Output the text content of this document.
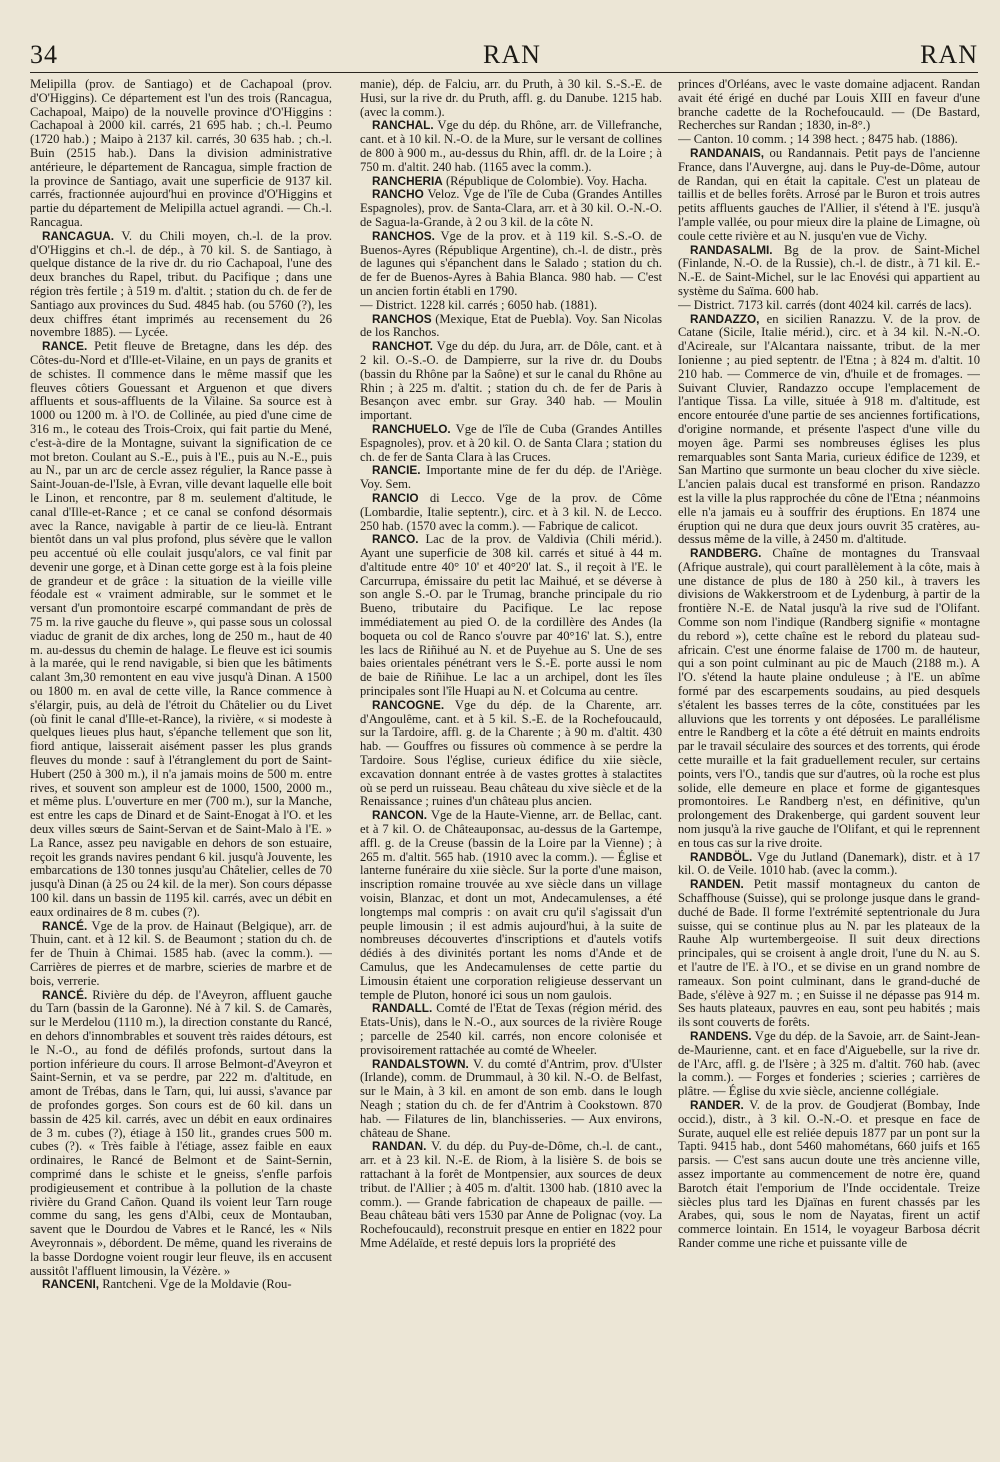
34	RAN	RAN

Melipilla (prov. de Santiago) et de Cachapoal (prov. d'O'Higgins). Ce département est l'un des trois (Rancagua, Cachapoal, Maipo) de la nouvelle province d'O'Higgins : Cachapoal à 2000 kil. carrés, 21 695 hab. ; ch.-l. Peumo (1720 hab.) ; Maipo à 2137 kil. carrés, 30 635 hab. ; ch.-l. Buin (2515 hab.). Dans la division administrative antérieure, le département de Rancagua, simple fraction de la province de Santiago, avait une superficie de 9137 kil. carrés, fractionnée aujourd'hui en province d'O'Higgins et partie du département de Melipilla actuel agrandi. — Ch.-l. Rancagua.

RANCAGUA. V. du Chili moyen, ch.-l. de la prov. d'O'Higgins et ch.-l. de dép., à 70 kil. S. de Santiago, à quelque distance de la rive dr. du rio Cachapoal, l'une des deux branches du Rapel, tribut. du Pacifique ; dans une région très fertile ; à 519 m. d'altit. ; station du ch. de fer de Santiago aux provinces du Sud. 4845 hab. (ou 5760 (?), les deux chiffres étant imprimés au recensement du 26 novembre 1885). — Lycée.

RANCE. Petit fleuve de Bretagne, dans les dép. des Côtes-du-Nord et d'Ille-et-Vilaine, en un pays de granits et de schistes. Il commence dans le même massif que les fleuves côtiers Gouessant et Arguenon et que divers affluents et sous-affluents de la Vilaine. Sa source est à 1000 ou 1200 m. à l'O. de Collinée, au pied d'une cime de 316 m., le coteau des Trois-Croix, qui fait partie du Mené, c'est-à-dire de la Montagne, suivant la signification de ce mot breton. Coulant au S.-E., puis à l'E., puis au N.-E., puis au N., par un arc de cercle assez régulier, la Rance passe à Saint-Jouan-de-l'Isle, à Evran, ville devant laquelle elle boit le Linon, et rencontre, par 8 m. seulement d'altitude, le canal d'Ille-et-Rance ; et ce canal se confond désormais avec la Rance, navigable à partir de ce lieu-là. Entrant bientôt dans un val plus profond, plus sévère que le vallon peu accentué où elle coulait jusqu'alors, ce val finit par devenir une gorge, et à Dinan cette gorge est à la fois pleine de grandeur et de grâce : la situation de la vieille ville féodale est « vraiment admirable, sur le sommet et le versant d'un promontoire escarpé commandant de près de 75 m. la rive gauche du fleuve », qui passe sous un colossal viaduc de granit de dix arches, long de 250 m., haut de 40 m. au-dessus du chemin de halage. Le fleuve est ici soumis à la marée, qui le rend navigable, si bien que les bâtiments calant 3m,30 remontent en eau vive jusqu'à Dinan. A 1500 ou 1800 m. en aval de cette ville, la Rance commence à s'élargir, puis, au delà de l'étroit du Châtelier ou du Livet (où finit le canal d'Ille-et-Rance), la rivière, « si modeste à quelques lieues plus haut, s'épanche tellement que son lit, fiord antique, laisserait aisément passer les plus grands fleuves du monde : sauf à l'étranglement du port de Saint-Hubert (250 à 300 m.), il n'a jamais moins de 500 m. entre rives, et souvent son ampleur est de 1000, 1500, 2000 m., et même plus. L'ouverture en mer (700 m.), sur la Manche, est entre les caps de Dinard et de Saint-Enogat à l'O. et les deux villes sœurs de Saint-Servan et de Saint-Malo à l'E. » La Rance, assez peu navigable en dehors de son estuaire, reçoit les grands navires pendant 6 kil. jusqu'à Jouvente, les embarcations de 130 tonnes jusqu'au Châtelier, celles de 70 jusqu'à Dinan (à 25 ou 24 kil. de la mer). Son cours dépasse 100 kil. dans un bassin de 1195 kil. carrés, avec un débit en eaux ordinaires de 8 m. cubes (?).

RANCÉ. Vge de la prov. de Hainaut (Belgique), arr. de Thuin, cant. et à 12 kil. S. de Beaumont ; station du ch. de fer de Thuin à Chimai. 1585 hab. (avec la comm.). — Carrières de pierres et de marbre, scieries de marbre et de bois, verrerie.

RANCÉ. Rivière du dép. de l'Aveyron, affluent gauche du Tarn (bassin de la Garonne). Né à 7 kil. S. de Camarès, sur le Merdelou (1110 m.), la direction constante du Rancé, en dehors d'innombrables et souvent très raides détours, est le N.-O., au fond de défilés profonds, surtout dans la portion inférieure du cours. Il arrose Belmont-d'Aveyron et Saint-Sernin, et va se perdre, par 222 m. d'altitude, en amont de Trébas, dans le Tarn, qui, lui aussi, s'avance par de profondes gorges. Son cours est de 60 kil. dans un bassin de 425 kil. carrés, avec un débit en eaux ordinaires de 3 m. cubes (?), étiage à 150 lit., grandes crues 500 m. cubes (?). « Très faible à l'étiage, assez faible en eaux ordinaires, le Rancé de Belmont et de Saint-Sernin, comprimé dans le schiste et le gneiss, s'enfle parfois prodigieusement et contribue à la pollution de la chaste rivière du Grand Cañon. Quand ils voient leur Tarn rouge comme du sang, les gens d'Albi, ceux de Montauban, savent que le Dourdou de Vabres et le Rancé, les « Nils Aveyronnais », débordent. De même, quand les riverains de la basse Dordogne voient rougir leur fleuve, ils en accusent aussitôt l'affluent limousin, la Vézère. »

RANCENI, Rantcheni. Vge de la Moldavie (Rou-

manie), dép. de Falciu, arr. du Pruth, à 30 kil. S.-S.-E. de Husi, sur la rive dr. du Pruth, affl. g. du Danube. 1215 hab. (avec la comm.).

RANCHAL. Vge du dép. du Rhône, arr. de Villefranche, cant. et à 10 kil. N.-O. de la Mure, sur le versant de collines de 800 à 900 m., au-dessus du Rhin, affl. dr. de la Loire ; à 750 m. d'altit. 240 hab. (1165 avec la comm.).

RANCHERIA (République de Colombie). Voy. Hacha.

RANCHO Veloz. Vge de l'île de Cuba (Grandes Antilles Espagnoles), prov. de Santa-Clara, arr. et à 30 kil. O.-N.-O. de Sagua-la-Grande, à 2 ou 3 kil. de la côte N.

RANCHOS. Vge de la prov. et à 119 kil. S.-S.-O. de Buenos-Ayres (République Argentine), ch.-l. de distr., près de lagunes qui s'épanchent dans le Salado ; station du ch. de fer de Buenos-Ayres à Bahia Blanca. 980 hab. — C'est un ancien fortin établi en 1790.

— District. 1228 kil. carrés ; 6050 hab. (1881).

RANCHOS (Mexique, Etat de Puebla). Voy. San Nicolas de los Ranchos.

RANCHOT. Vge du dép. du Jura, arr. de Dôle, cant. et à 2 kil. O.-S.-O. de Dampierre, sur la rive dr. du Doubs (bassin du Rhône par la Saône) et sur le canal du Rhône au Rhin ; à 225 m. d'altit. ; station du ch. de fer de Paris à Besançon avec embr. sur Gray. 340 hab. — Moulin important.

RANCHUELO. Vge de l'île de Cuba (Grandes Antilles Espagnoles), prov. et à 20 kil. O. de Santa Clara ; station du ch. de fer de Santa Clara à las Cruces.

RANCIE. Importante mine de fer du dép. de l'Ariège. Voy. Sem.

RANCIO di Lecco. Vge de la prov. de Côme (Lombardie, Italie septentr.), circ. et à 3 kil. N. de Lecco. 250 hab. (1570 avec la comm.). — Fabrique de calicot.

RANCO. Lac de la prov. de Valdivia (Chili mérid.). Ayant une superficie de 308 kil. carrés et situé à 44 m. d'altitude entre 40° 10' et 40°20' lat. S., il reçoit à l'E. le Carcurrupa, émissaire du petit lac Maihué, et se déverse à son angle S.-O. par le Trumag, branche principale du rio Bueno, tributaire du Pacifique. Le lac repose immédiatement au pied O. de la cordillère des Andes (la boqueta ou col de Ranco s'ouvre par 40°16' lat. S.), entre les lacs de Riñihué au N. et de Puyehue au S. Une de ses baies orientales pénétrant vers le S.-E. porte aussi le nom de baie de Riñihue. Le lac a un archipel, dont les îles principales sont l'île Huapi au N. et Colcuma au centre.

RANCOGNE. Vge du dép. de la Charente, arr. d'Angoulême, cant. et à 5 kil. S.-E. de la Rochefoucauld, sur la Tardoire, affl. g. de la Charente ; à 90 m. d'altit. 430 hab. — Gouffres ou fissures où commence à se perdre la Tardoire. Sous l'église, curieux édifice du xiie siècle, excavation donnant entrée à de vastes grottes à stalactites où se perd un ruisseau. Beau château du xive siècle et de la Renaissance ; ruines d'un château plus ancien.

RANCON. Vge de la Haute-Vienne, arr. de Bellac, cant. et à 7 kil. O. de Châteauponsac, au-dessus de la Gartempe, affl. g. de la Creuse (bassin de la Loire par la Vienne) ; à 265 m. d'altit. 565 hab. (1910 avec la comm.). — Église et lanterne funéraire du xiie siècle. Sur la porte d'une maison, inscription romaine trouvée au xve siècle dans un village voisin, Blanzac, et dont un mot, Andecamulenses, a été longtemps mal compris : on avait cru qu'il s'agissait d'un peuple limousin ; il est admis aujourd'hui, à la suite de nombreuses découvertes d'inscriptions et d'autels votifs dédiés à des divinités portant les noms d'Ande et de Camulus, que les Andecamulenses de cette partie du Limousin étaient une corporation religieuse desservant un temple de Pluton, honoré ici sous un nom gaulois.

RANDALL. Comté de l'Etat de Texas (région mérid. des Etats-Unis), dans le N.-O., aux sources de la rivière Rouge ; parcelle de 2540 kil. carrés, non encore colonisée et provisoirement rattachée au comté de Wheeler.

RANDALSTOWN. V. du comté d'Antrim, prov. d'Ulster (Irlande), comm. de Drummaul, à 30 kil. N.-O. de Belfast, sur le Main, à 3 kil. en amont de son emb. dans le lough Neagh ; station du ch. de fer d'Antrim à Cookstown. 870 hab. — Filatures de lin, blanchisseries. — Aux environs, château de Shane.

RANDAN. V. du dép. du Puy-de-Dôme, ch.-l. de cant., arr. et à 23 kil. N.-E. de Riom, à la lisière S. de bois se rattachant à la forêt de Montpensier, aux sources de deux tribut. de l'Allier ; à 405 m. d'altit. 1300 hab. (1810 avec la comm.). — Grande fabrication de chapeaux de paille. — Beau château bâti vers 1530 par Anne de Polignac (voy. La Rochefoucauld), reconstruit presque en entier en 1822 pour Mme Adélaïde, et resté depuis lors la propriété des

princes d'Orléans, avec le vaste domaine adjacent. Randan avait été érigé en duché par Louis XIII en faveur d'une branche cadette de la Rochefoucauld. — (De Bastard, Recherches sur Randan ; 1830, in-8°.)

— Canton. 10 comm. ; 14 398 hect. ; 8475 hab. (1886).

RANDANAIS, ou Randannais. Petit pays de l'ancienne France, dans l'Auvergne, auj. dans le Puy-de-Dôme, autour de Randan, qui en était la capitale. C'est un plateau de taillis et de belles forêts. Arrosé par le Buron et trois autres petits affluents gauches de l'Allier, il s'étend à l'E. jusqu'à l'ample vallée, ou pour mieux dire la plaine de Limagne, où coule cette rivière et au N. jusqu'en vue de Vichy.

RANDASALMI. Bg de la prov. de Saint-Michel (Finlande, N.-O. de la Russie), ch.-l. de distr., à 71 kil. E.-N.-E. de Saint-Michel, sur le lac Enovési qui appartient au système du Saïma. 600 hab.

— District. 7173 kil. carrés (dont 4024 kil. carrés de lacs).

RANDAZZO, en sicilien Ranazzu. V. de la prov. de Catane (Sicile, Italie mérid.), circ. et à 34 kil. N.-N.-O. d'Acireale, sur l'Alcantara naissante, tribut. de la mer Ionienne ; au pied septentr. de l'Etna ; à 824 m. d'altit. 10 210 hab. — Commerce de vin, d'huile et de fromages. — Suivant Cluvier, Randazzo occupe l'emplacement de l'antique Tissa. La ville, située à 918 m. d'altitude, est encore entourée d'une partie de ses anciennes fortifications, d'origine normande, et présente l'aspect d'une ville du moyen âge. Parmi ses nombreuses églises les plus remarquables sont Santa Maria, curieux édifice de 1239, et San Martino que surmonte un beau clocher du xive siècle. L'ancien palais ducal est transformé en prison. Randazzo est la ville la plus rapprochée du cône de l'Etna ; néanmoins elle n'a jamais eu à souffrir des éruptions. En 1874 une éruption qui ne dura que deux jours ouvrit 35 cratères, au-dessus même de la ville, à 2450 m. d'altitude.

RANDBERG. Chaîne de montagnes du Transvaal (Afrique australe), qui court parallèlement à la côte, mais à une distance de plus de 180 à 250 kil., à travers les divisions de Wakkerstroom et de Lydenburg, à partir de la frontière N.-E. de Natal jusqu'à la rive sud de l'Olifant. Comme son nom l'indique (Randberg signifie « montagne du rebord »), cette chaîne est le rebord du plateau sud-africain. C'est une énorme falaise de 1700 m. de hauteur, qui a son point culminant au pic de Mauch (2188 m.). A l'O. s'étend la haute plaine onduleuse ; à l'E. un abîme formé par des escarpements soudains, au pied desquels s'étalent les basses terres de la côte, constituées par les alluvions que les torrents y ont déposées. Le parallélisme entre le Randberg et la côte a été détruit en maints endroits par le travail séculaire des sources et des torrents, qui érode cette muraille et la fait graduellement reculer, sur certains points, vers l'O., tandis que sur d'autres, où la roche est plus solide, elle demeure en place et forme de gigantesques promontoires. Le Randberg n'est, en définitive, qu'un prolongement des Drakenberge, qui gardent souvent leur nom jusqu'à la rive gauche de l'Olifant, et qui le reprennent en tous cas sur la rive droite.

RANDBÖL. Vge du Jutland (Danemark), distr. et à 17 kil. O. de Veile. 1010 hab. (avec la comm.).

RANDEN. Petit massif montagneux du canton de Schaffhouse (Suisse), qui se prolonge jusque dans le grand-duché de Bade. Il forme l'extrémité septentrionale du Jura suisse, qui se continue plus au N. par les plateaux de la Rauhe Alp wurtembergeoise. Il suit deux directions principales, qui se croisent à angle droit, l'une du N. au S. et l'autre de l'E. à l'O., et se divise en un grand nombre de rameaux. Son point culminant, dans le grand-duché de Bade, s'élève à 927 m. ; en Suisse il ne dépasse pas 914 m. Ses hauts plateaux, pauvres en eau, sont peu habités ; mais ils sont couverts de forêts.

RANDENS. Vge du dép. de la Savoie, arr. de Saint-Jean-de-Maurienne, cant. et en face d'Aiguebelle, sur la rive dr. de l'Arc, affl. g. de l'Isère ; à 325 m. d'altit. 760 hab. (avec la comm.). — Forges et fonderies ; scieries ; carrières de plâtre. — Église du xvie siècle, ancienne collégiale.

RANDER. V. de la prov. de Goudjerat (Bombay, Inde occid.), distr., à 3 kil. O.-N.-O. et presque en face de Surate, auquel elle est reliée depuis 1877 par un pont sur la Tapti. 9415 hab., dont 5460 mahométans, 660 juifs et 165 parsis. — C'est sans aucun doute une très ancienne ville, assez importante au commencement de notre ère, quand Barotch était l'emporium de l'Inde occidentale. Treize siècles plus tard les Djaïnas en furent chassés par les Arabes, qui, sous le nom de Nayatas, firent un actif commerce lointain. En 1514, le voyageur Barbosa décrit Rander comme une riche et puissante ville de
